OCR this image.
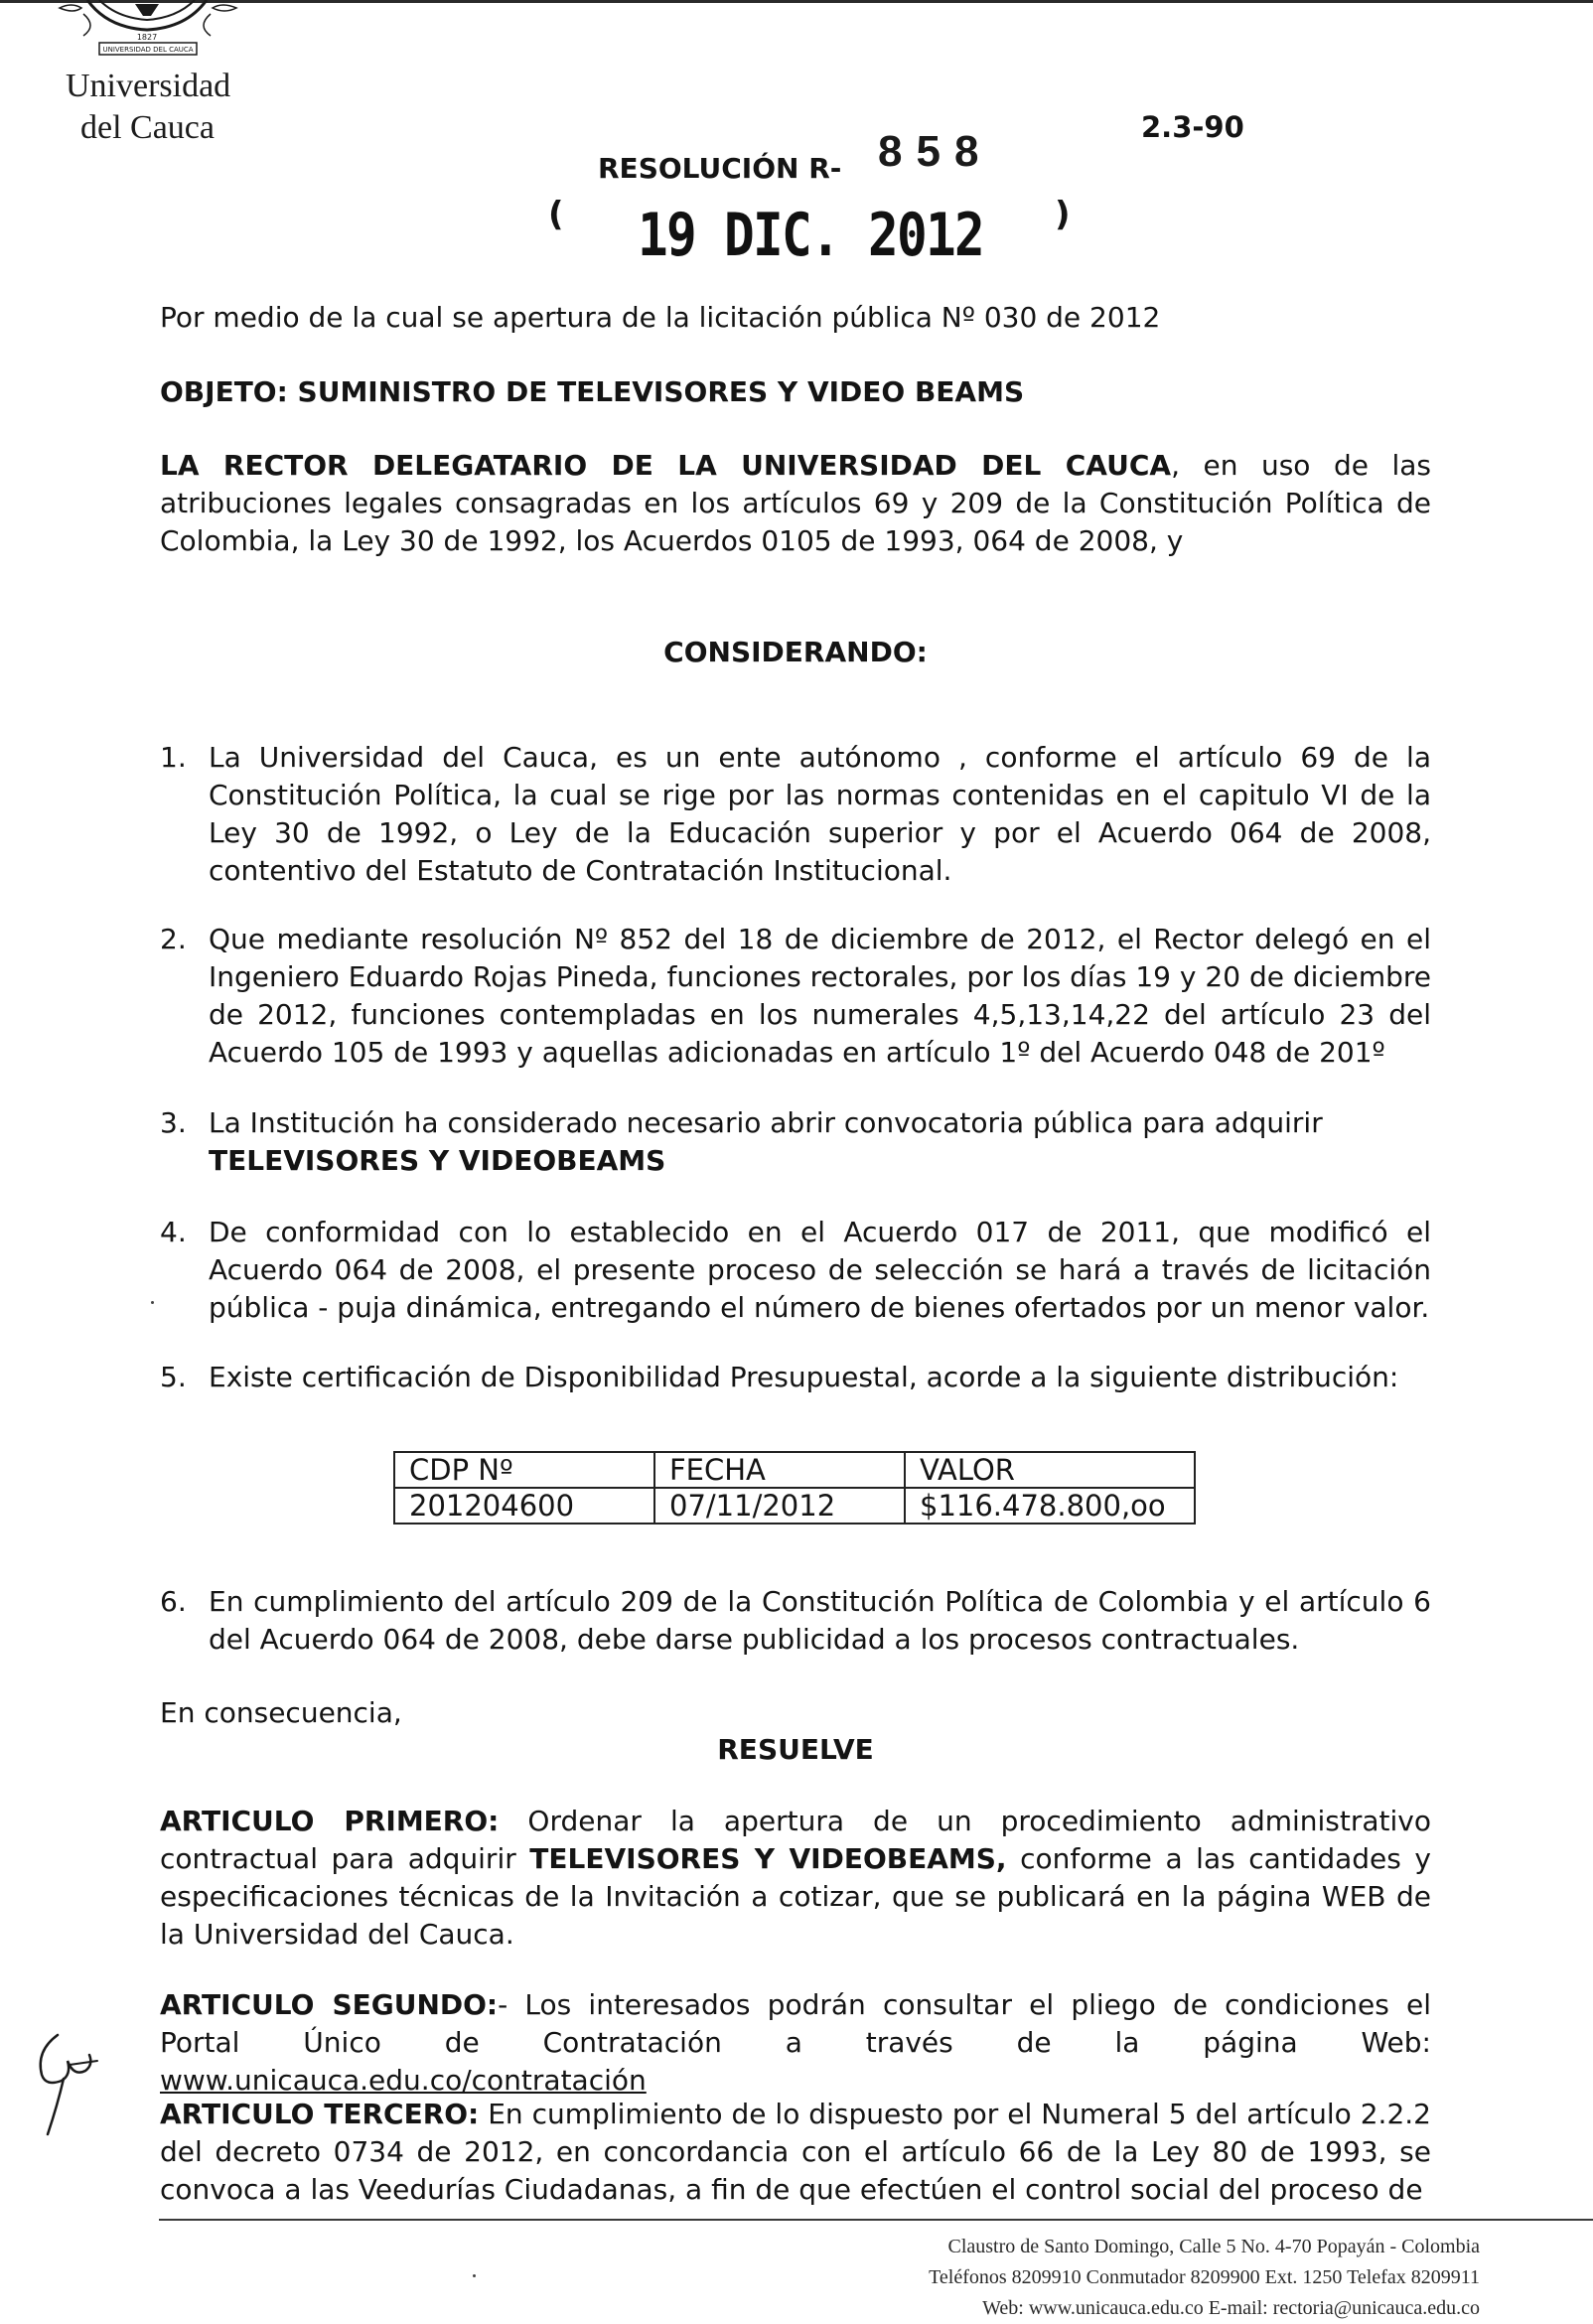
1827
UNIVERSIDAD DEL CAUCA
Universidad
del Cauca	2.3-90
RESOLUCIÓN R- 858
( 19 DIC. 2012 )
Por medio de la cual se apertura de la licitación pública Nº 030 de 2012
OBJETO: SUMINISTRO DE TELEVISORES Y VIDEO BEAMS
LA RECTOR DELEGATARIO DE LA UNIVERSIDAD DEL CAUCA, en uso de las atribuciones legales consagradas en los artículos 69 y 209 de la Constitución Política de Colombia, la Ley 30 de 1992, los Acuerdos 0105 de 1993, 064 de 2008, y
CONSIDERANDO:
1. La Universidad del Cauca, es un ente autónomo , conforme el artículo 69 de la Constitución Política, la cual se rige por las normas contenidas en el capitulo VI de la Ley 30 de 1992, o Ley de la Educación superior y por el Acuerdo 064 de 2008, contentivo del Estatuto de Contratación Institucional.
2. Que mediante resolución Nº 852 del 18 de diciembre de 2012, el Rector delegó en el Ingeniero Eduardo Rojas Pineda, funciones rectorales, por los días 19 y 20 de diciembre de 2012, funciones contempladas en los numerales 4,5,13,14,22 del artículo 23 del Acuerdo 105 de 1993 y aquellas adicionadas en artículo 1º del Acuerdo 048 de 201º
3. La Institución ha considerado necesario abrir convocatoria pública para adquirir
TELEVISORES Y VIDEOBEAMS
4. De conformidad con lo establecido en el Acuerdo 017 de 2011, que modificó el Acuerdo 064 de 2008, el presente proceso de selección se hará a través de licitación pública - puja dinámica, entregando el número de bienes ofertados por un menor valor.
5. Existe certificación de Disponibilidad Presupuestal, acorde a la siguiente distribución:
6. En cumplimiento del artículo 209 de la Constitución Política de Colombia y el artículo 6 del Acuerdo 064 de 2008, debe darse publicidad a los procesos contractuales.
CDP Nº	FECHA	VALOR
201204600	07/11/2012	$116.478.800,oo
En consecuencia,
RESUELVE
ARTICULO PRIMERO: Ordenar la apertura de un procedimiento administrativo contractual para adquirir TELEVISORES Y VIDEOBEAMS, conforme a las cantidades y especificaciones técnicas de la Invitación a cotizar, que se publicará en la página WEB de la Universidad del Cauca.
ARTICULO SEGUNDO:- Los interesados podrán consultar el pliego de condiciones el Portal Único de Contratación a través de la página Web: www.unicauca.edu.co/contratación
ARTICULO TERCERO: En cumplimiento de lo dispuesto por el Numeral 5 del artículo 2.2.2 del decreto 0734 de 2012, en concordancia con el artículo 66 de la Ley 80 de 1993, se convoca a las Veedurías Ciudadanas, a fin de que efectúen el control social del proceso de
Claustro de Santo Domingo, Calle 5 No. 4-70 Popayán - Colombia
Teléfonos 8209910 Conmutador 8209900 Ext. 1250 Telefax 8209911
Web: www.unicauca.edu.co E-mail: rectoria@unicauca.edu.co
